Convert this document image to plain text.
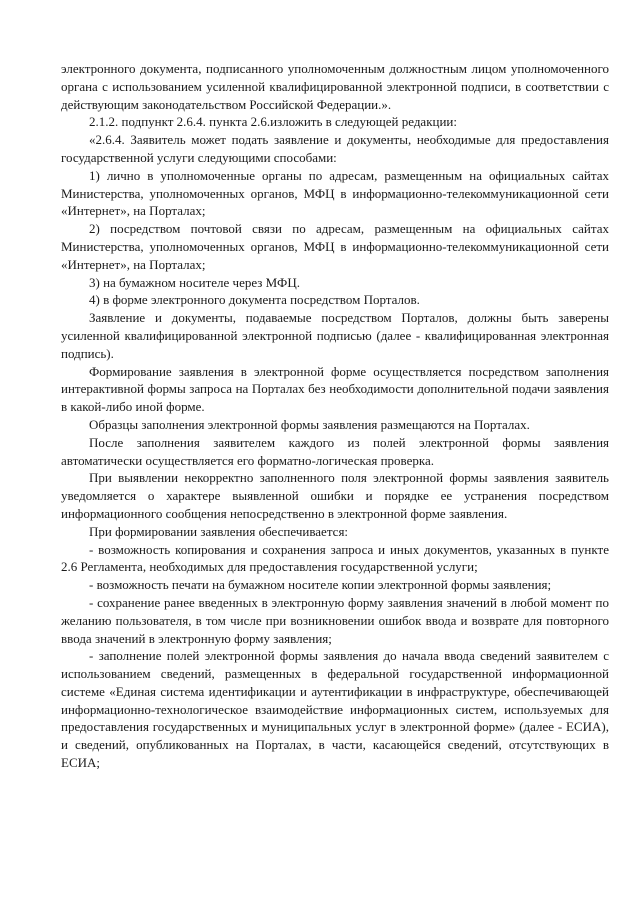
электронного документа, подписанного уполномоченным должностным лицом уполномоченного органа с использованием усиленной квалифицированной электронной подписи, в соответствии с действующим законодательством Российской Федерации.».

2.1.2. подпункт 2.6.4. пункта 2.6.изложить в следующей редакции:

«2.6.4. Заявитель может подать заявление и документы, необходимые для предоставления государственной услуги следующими способами:

1) лично в уполномоченные органы по адресам, размещенным на официальных сайтах Министерства, уполномоченных органов, МФЦ в информационно-телекоммуникационной сети «Интернет», на Порталах;

2) посредством почтовой связи по адресам, размещенным на официальных сайтах Министерства, уполномоченных органов, МФЦ в информационно-телекоммуникационной сети «Интернет», на Порталах;

3) на бумажном носителе через МФЦ.

4) в форме электронного документа посредством Порталов.

Заявление и документы, подаваемые посредством Порталов, должны быть заверены усиленной квалифицированной электронной подписью (далее - квалифицированная электронная подпись).

Формирование заявления в электронной форме осуществляется посредством заполнения интерактивной формы запроса на Порталах без необходимости дополнительной подачи заявления в какой-либо иной форме.

Образцы заполнения электронной формы заявления размещаются на Порталах.

После заполнения заявителем каждого из полей электронной формы заявления автоматически осуществляется его форматно-логическая проверка.

При выявлении некорректно заполненного поля электронной формы заявления заявитель уведомляется о характере выявленной ошибки и порядке ее устранения посредством информационного сообщения непосредственно в электронной форме заявления.

При формировании заявления обеспечивается:

- возможность копирования и сохранения запроса и иных документов, указанных в пункте 2.6 Регламента, необходимых для предоставления государственной услуги;

- возможность печати на бумажном носителе копии электронной формы заявления;

- сохранение ранее введенных в электронную форму заявления значений в любой момент по желанию пользователя, в том числе при возникновении ошибок ввода и возврате для повторного ввода значений в электронную форму заявления;

- заполнение полей электронной формы заявления до начала ввода сведений заявителем с использованием сведений, размещенных в федеральной государственной информационной системе «Единая система идентификации и аутентификации в инфраструктуре, обеспечивающей информационно-технологическое взаимодействие информационных систем, используемых для предоставления государственных и муниципальных услуг в электронной форме» (далее - ЕСИА), и сведений, опубликованных на Порталах, в части, касающейся сведений, отсутствующих в ЕСИА;
